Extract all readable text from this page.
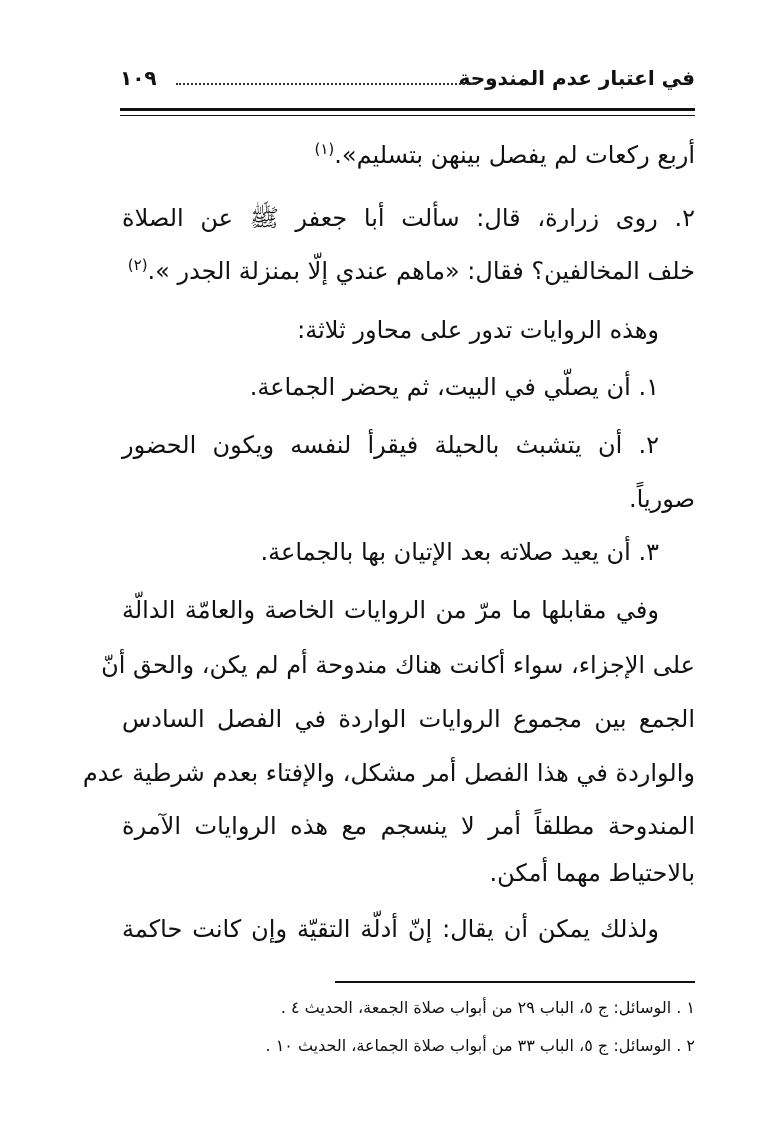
في اعتبار عدم المندوحة
١٠٩
أربع ركعات لم يفصل بينهن بتسليم».$^{(١)}$
٢. روى زرارة، قال: سألت أبا جعفر ﷺ عن الصلاة
خلف المخالفين؟ فقال: «ماهم عندي إلّا بمنزلة الجدر ».$^{(٢)}$
وهذه الروايات تدور على محاور ثلاثة:
١. أن يصلّي في البيت، ثم يحضر الجماعة.
٢. أن يتشبث بالحيلة فيقرأ لنفسه ويكون الحضور
صورياً.
٣. أن يعيد صلاته بعد الإتيان بها بالجماعة.
وفي مقابلها ما مرّ من الروايات الخاصة والعامّة الدالّة
على الإجزاء، سواء أكانت هناك مندوحة أم لم يكن، والحق أنّ
الجمع بين مجموع الروايات الواردة في الفصل السادس
والواردة في هذا الفصل أمر مشكل، والإفتاء بعدم شرطية عدم
المندوحة مطلقاً أمر لا ينسجم مع هذه الروايات الآمرة
بالاحتياط مهما أمكن.
ولذلك يمكن أن يقال: إنّ أدلّة التقيّة وإن كانت حاكمة
١ . الوسائل: ج ٥، الباب ٢٩ من أبواب صلاة الجمعة، الحديث ٤ .
٢ . الوسائل: ج ٥، الباب ٣٣ من أبواب صلاة الجماعة، الحديث ١٠ .
